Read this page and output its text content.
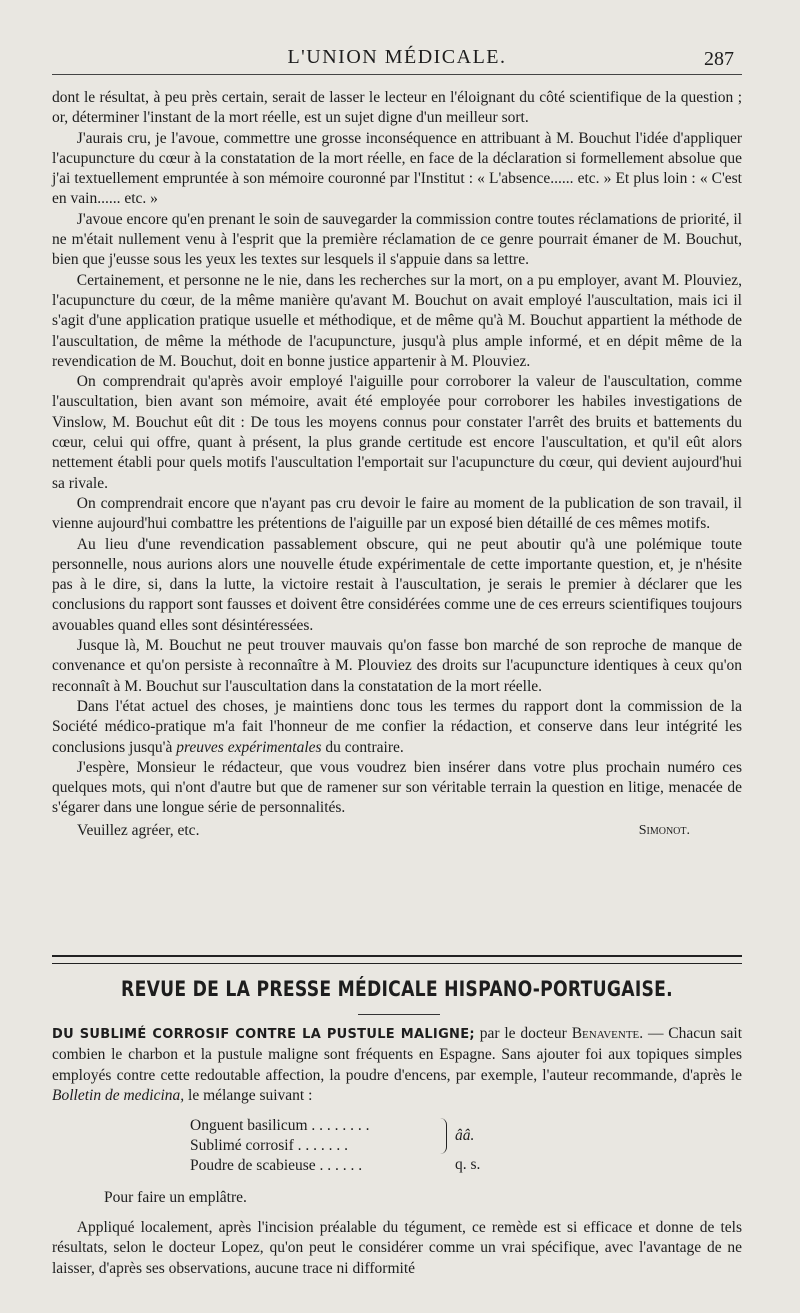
L'UNION MÉDICALE.	287

dont le résultat, à peu près certain, serait de lasser le lecteur en l'éloignant du côté scientifique de la question ; or, déterminer l'instant de la mort réelle, est un sujet digne d'un meilleur sort.

J'aurais cru, je l'avoue, commettre une grosse inconséquence en attribuant à M. Bouchut l'idée d'appliquer l'acupuncture du cœur à la constatation de la mort réelle, en face de la déclaration si formellement absolue que j'ai textuellement empruntée à son mémoire couronné par l'Institut : « L'absence...... etc. » Et plus loin : « C'est en vain...... etc. »

J'avoue encore qu'en prenant le soin de sauvegarder la commission contre toutes réclamations de priorité, il ne m'était nullement venu à l'esprit que la première réclamation de ce genre pourrait émaner de M. Bouchut, bien que j'eusse sous les yeux les textes sur lesquels il s'appuie dans sa lettre.

Certainement, et personne ne le nie, dans les recherches sur la mort, on a pu employer, avant M. Plouviez, l'acupuncture du cœur, de la même manière qu'avant M. Bouchut on avait employé l'auscultation, mais ici il s'agit d'une application pratique usuelle et méthodique, et de même qu'à M. Bouchut appartient la méthode de l'auscultation, de même la méthode de l'acupuncture, jusqu'à plus ample informé, et en dépit même de la revendication de M. Bouchut, doit en bonne justice appartenir à M. Plouviez.

On comprendrait qu'après avoir employé l'aiguille pour corroborer la valeur de l'auscultation, comme l'auscultation, bien avant son mémoire, avait été employée pour corroborer les habiles investigations de Vinslow, M. Bouchut eût dit : De tous les moyens connus pour constater l'arrêt des bruits et battements du cœur, celui qui offre, quant à présent, la plus grande certitude est encore l'auscultation, et qu'il eût alors nettement établi pour quels motifs l'auscultation l'emportait sur l'acupuncture du cœur, qui devient aujourd'hui sa rivale.

On comprendrait encore que n'ayant pas cru devoir le faire au moment de la publication de son travail, il vienne aujourd'hui combattre les prétentions de l'aiguille par un exposé bien détaillé de ces mêmes motifs.

Au lieu d'une revendication passablement obscure, qui ne peut aboutir qu'à une polémique toute personnelle, nous aurions alors une nouvelle étude expérimentale de cette importante question, et, je n'hésite pas à le dire, si, dans la lutte, la victoire restait à l'auscultation, je serais le premier à déclarer que les conclusions du rapport sont fausses et doivent être considérées comme une de ces erreurs scientifiques toujours avouables quand elles sont désintéressées.

Jusque là, M. Bouchut ne peut trouver mauvais qu'on fasse bon marché de son reproche de manque de convenance et qu'on persiste à reconnaître à M. Plouviez des droits sur l'acupuncture identiques à ceux qu'on reconnaît à M. Bouchut sur l'auscultation dans la constatation de la mort réelle.

Dans l'état actuel des choses, je maintiens donc tous les termes du rapport dont la commission de la Société médico-pratique m'a fait l'honneur de me confier la rédaction, et conserve dans leur intégrité les conclusions jusqu'à preuves expérimentales du contraire.

J'espère, Monsieur le rédacteur, que vous voudrez bien insérer dans votre plus prochain numéro ces quelques mots, qui n'ont d'autre but que de ramener sur son véritable terrain la question en litige, menacée de s'égarer dans une longue série de personnalités.

Veuillez agréer, etc.	Simonot.
REVUE DE LA PRESSE MÉDICALE HISPANO-PORTUGAISE.

DU SUBLIMÉ CORROSIF CONTRE LA PUSTULE MALIGNE; par le docteur Benavente. — Chacun sait combien le charbon et la pustule maligne sont fréquents en Espagne. Sans ajouter foi aux topiques simples employés contre cette redoutable affection, la poudre d'encens, par exemple, l'auteur recommande, d'après le Bolletin de medicina, le mélange suivant :

Onguent basilicum . . . . . . . .
Sublimé corrosif . . . . . . .
Poudre de scabieuse . . . . . .
ââ.
q. s.
Pour faire un emplâtre.

Appliqué localement, après l'incision préalable du tégument, ce remède est si efficace et donne de tels résultats, selon le docteur Lopez, qu'on peut le considérer comme un vrai spécifique, avec l'avantage de ne laisser, d'après ses observations, aucune trace ni difformité
